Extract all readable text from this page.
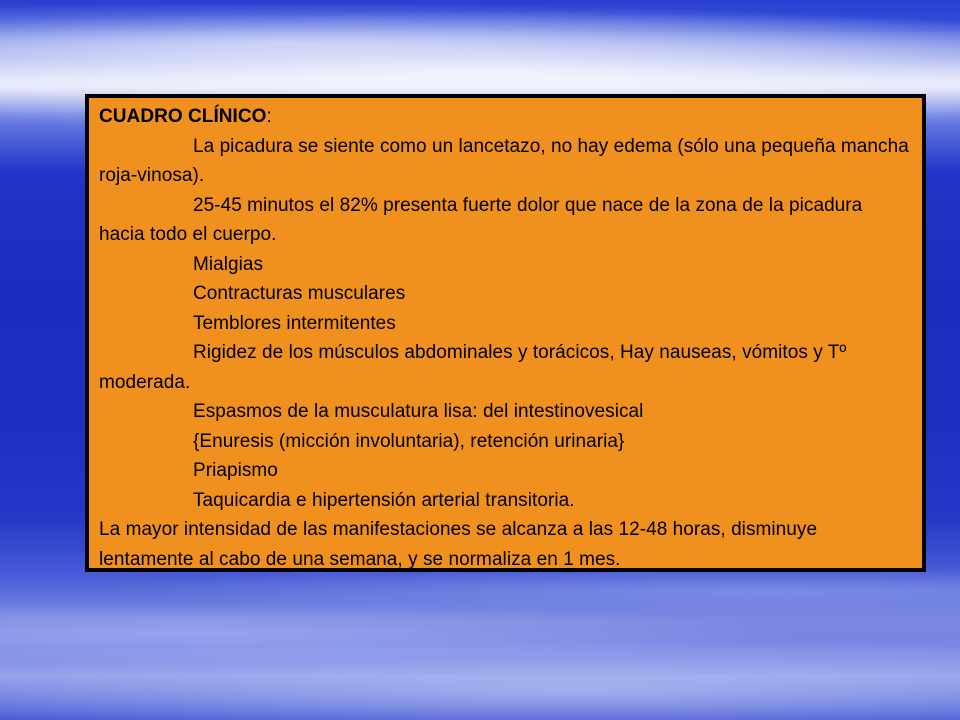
CUADRO CLÍNICO:

La picadura se siente como un lancetazo, no hay edema (sólo una pequeña mancha roja-vinosa).

25-45 minutos el 82% presenta fuerte dolor que nace de la zona de la picadura hacia todo el cuerpo.

Mialgias

Contracturas musculares

Temblores intermitentes

Rigidez de los músculos abdominales y torácicos, Hay nauseas, vómitos y Tº moderada.

Espasmos de la musculatura lisa: del intestinovesical

{Enuresis (micción involuntaria), retención urinaria}

Priapismo

Taquicardia e hipertensión arterial transitoria.

La mayor intensidad de las manifestaciones se alcanza a las 12-48 horas, disminuye lentamente al cabo de una semana, y se normaliza en 1 mes.
